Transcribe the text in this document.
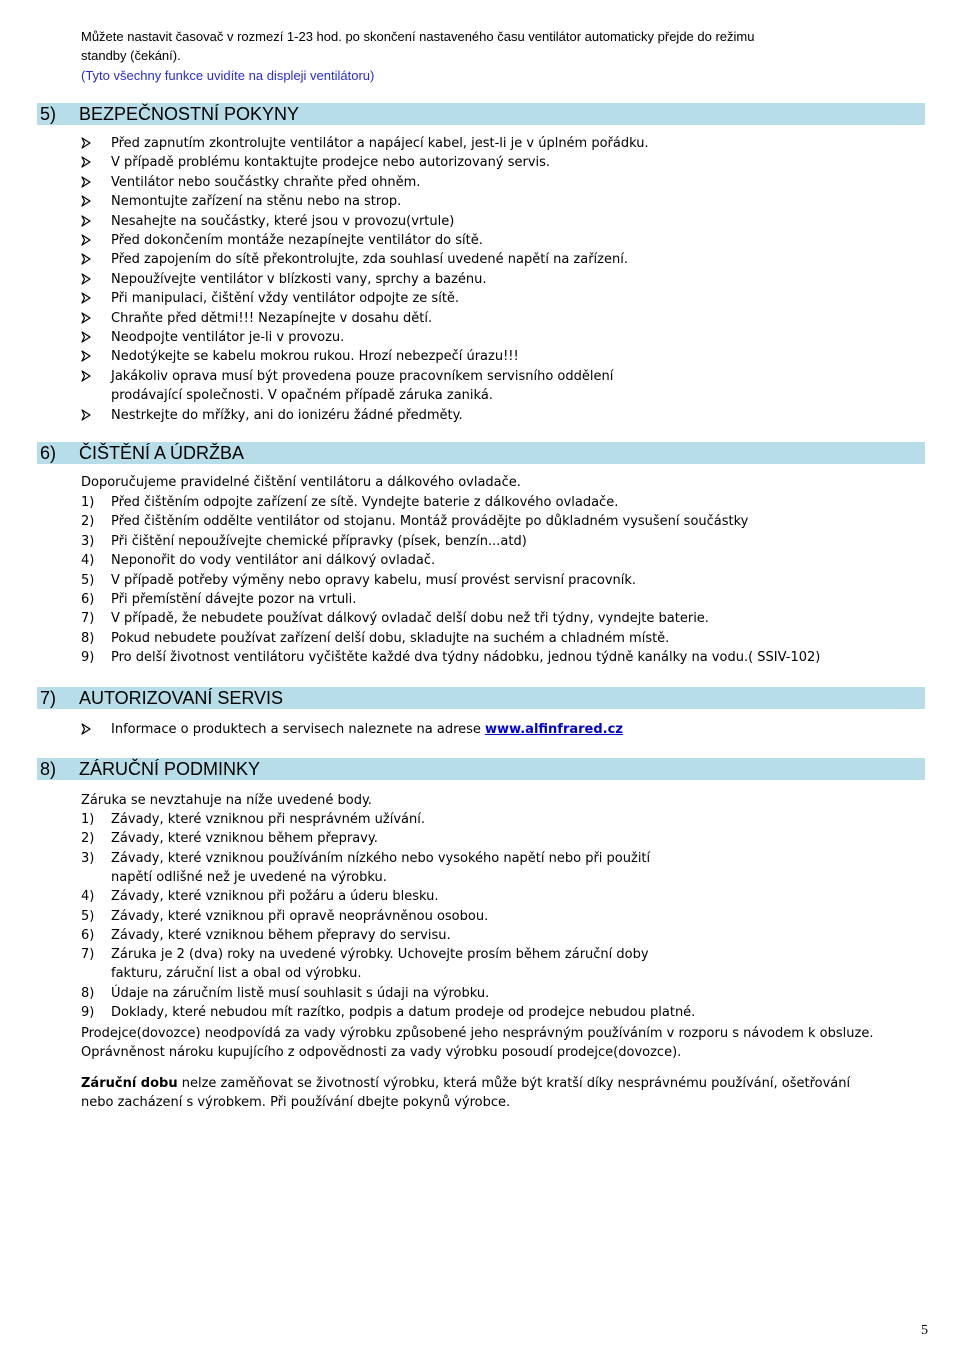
Můžete nastavit časovač v rozmezí 1-23 hod. po skončení nastaveného času ventilátor automaticky přejde do režimu
standby (čekání).
(Tyto všechny funkce uvidíte na displeji ventilátoru)
5) BEZPEČNOSTNÍ POKYNY
Před zapnutím zkontrolujte ventilátor a napájecí kabel, jest-li je v úplném pořádku.
V případě problému kontaktujte prodejce nebo autorizovaný servis.
Ventilátor nebo součástky chraňte před ohněm.
Nemontujte zařízení na stěnu nebo na strop.
Nesahejte na součástky, které jsou v provozu(vrtule)
Před dokončením montáže nezapínejte ventilátor do sítě.
Před zapojením do sítě překontrolujte, zda souhlasí uvedené napětí na zařízení.
Nepoužívejte ventilátor v blízkosti vany, sprchy a bazénu.
Při manipulaci, čištění vždy ventilátor odpojte ze sítě.
Chraňte před dětmi!!! Nezapínejte v dosahu dětí.
Neodpojte ventilátor je-li v provozu.
Nedotýkejte se kabelu mokrou rukou. Hrozí nebezpečí úrazu!!!
Jakákoliv oprava musí být provedena pouze pracovníkem servisního oddělení
prodávající společnosti. V opačném případě záruka zaniká.
Nestrkejte do mřížky, ani do ionizéru žádné předměty.
6) ČIŠTĚNÍ A ÚDRŽBA
Doporučujeme pravidelné čištění ventilátoru a dálkového ovladače.
1) Před čištěním odpojte zařízení ze sítě. Vyndejte baterie z dálkového ovladače.
2) Před čištěním oddělte ventilátor od stojanu. Montáž provádějte po důkladném vysušení součástky
3) Při čištění nepoužívejte chemické přípravky (písek, benzín...atd)
4) Neponořit do vody ventilátor ani dálkový ovladač.
5) V případě potřeby výměny nebo opravy kabelu, musí provést servisní pracovník.
6) Při přemístění dávejte pozor na vrtuli.
7) V případě, že nebudete používat dálkový ovladač delší dobu než tři týdny, vyndejte baterie.
8) Pokud nebudete používat zařízení delší dobu, skladujte na suchém a chladném místě.
9) Pro delší životnost ventilátoru vyčištěte každé dva týdny nádobku, jednou týdně kanálky na vodu.( SSIV-102)
7) AUTORIZOVANÍ SERVIS
Informace o produktech a servisech naleznete na adrese www.alfinfrared.cz
8) ZÁRUČNÍ PODMINKY
Záruka se nevztahuje na níže uvedené body.
1) Závady, které vzniknou při nesprávném užívání.
2) Závady, které vzniknou během přepravy.
3) Závady, které vzniknou používáním nízkého nebo vysokého napětí nebo při použití
napětí odlišné než je uvedené na výrobku.
4) Závady, které vzniknou při požáru a úderu blesku.
5) Závady, které vzniknou při opravě neoprávněnou osobou.
6) Závady, které vzniknou během přepravy do servisu.
7) Záruka je 2 (dva) roky na uvedené výrobky. Uchovejte prosím během záruční doby
fakturu, záruční list a obal od výrobku.
8) Údaje na záručním listě musí souhlasit s údaji na výrobku.
9) Doklady, které nebudou mít razítko, podpis a datum prodeje od prodejce nebudou platné.
Prodejce(dovozce) neodpovídá za vady výrobku způsobené jeho nesprávným používáním v rozporu s návodem k obsluze.
Oprávněnost nároku kupujícího z odpovědnosti za vady výrobku posoudí prodejce(dovozce).
Záruční dobu nelze zaměňovat se životností výrobku, která může být kratší díky nesprávnému používání, ošetřování
nebo zacházení s výrobkem. Při používání dbejte pokynů výrobce.
5
